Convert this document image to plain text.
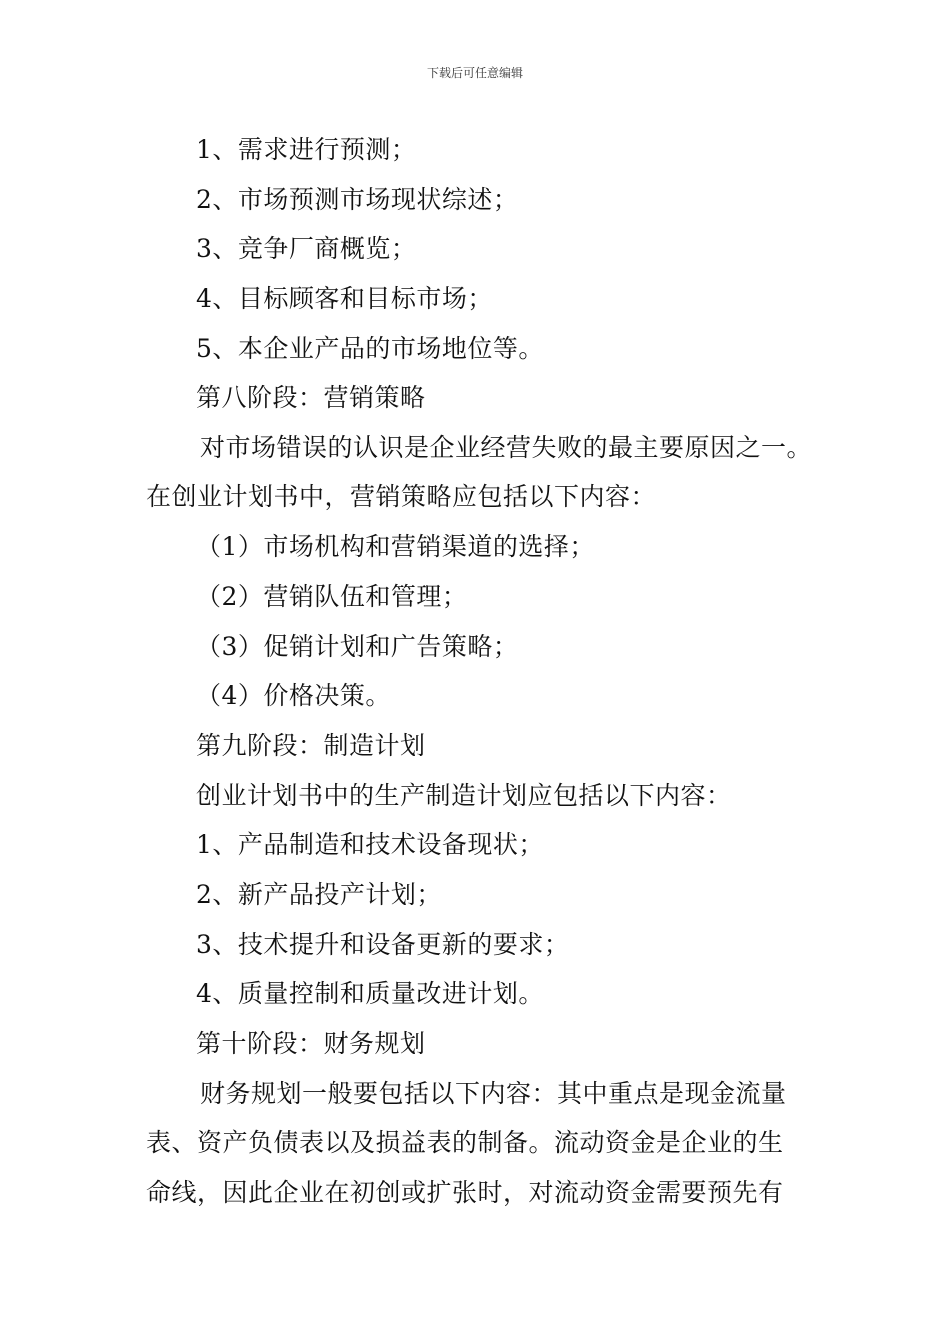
下载后可任意编辑
1、需求进行预测；
2、市场预测市场现状综述；
3、竞争厂商概览；
4、目标顾客和目标市场；
5、本企业产品的市场地位等。
第八阶段：营销策略
对市场错误的认识是企业经营失败的最主要原因之一。
在创业计划书中，营销策略应包括以下内容：
（1）市场机构和营销渠道的选择；
（2）营销队伍和管理；
（3）促销计划和广告策略；
（4）价格决策。
第九阶段：制造计划
创业计划书中的生产制造计划应包括以下内容：
1、产品制造和技术设备现状；
2、新产品投产计划；
3、技术提升和设备更新的要求；
4、质量控制和质量改进计划。
第十阶段：财务规划
财务规划一般要包括以下内容：其中重点是现金流量
表、资产负债表以及损益表的制备。流动资金是企业的生
命线，因此企业在初创或扩张时，对流动资金需要预先有
